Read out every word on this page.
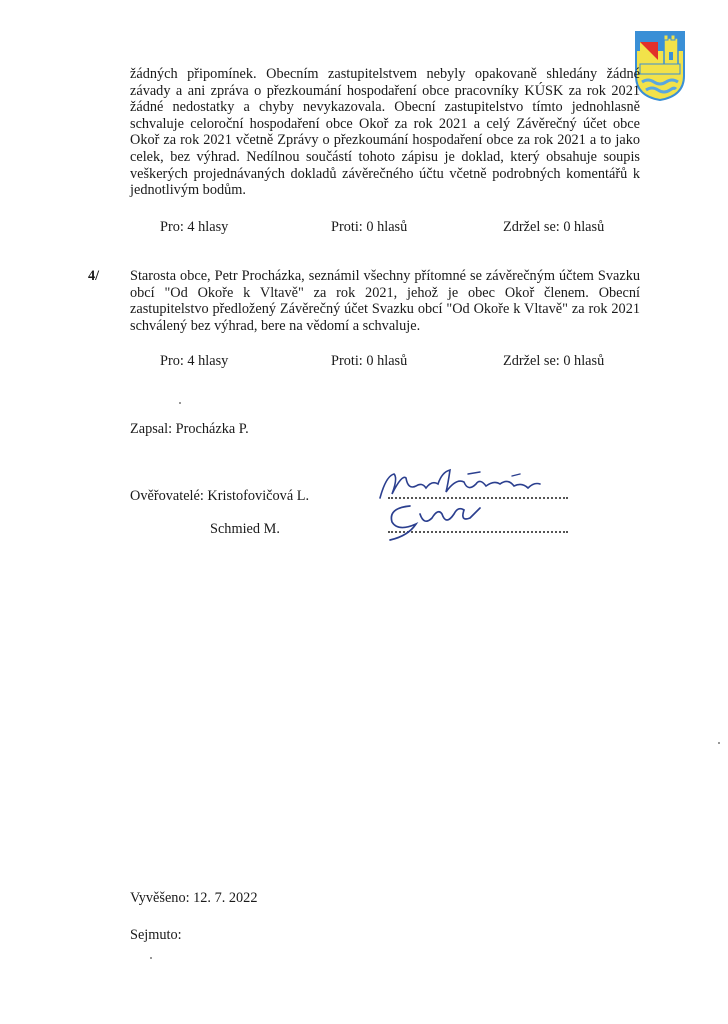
žádných připomínek. Obecním zastupitelstvem nebyly opakovaně shledány žádné závady a ani zpráva o přezkoumání hospodaření obce pracovníky KÚSK za rok 2021 žádné nedostatky a chyby nevykazovala. Obecní zastupitelstvo tímto jednohlasně schvaluje celoroční hospodaření obce Okoř za rok 2021 a celý Závěrečný účet obce Okoř za rok 2021 včetně Zprávy o přezkoumání hospodaření obce za rok 2021 a to jako celek, bez výhrad. Nedílnou součástí tohoto zápisu je doklad, který obsahuje soupis veškerých projednávaných dokladů závěrečného účtu včetně podrobných komentářů k jednotlivým bodům.

Pro: 4 hlasy	Proti: 0 hlasů	Zdržel se: 0 hlasů
4/ Starosta obce, Petr Procházka, seznámil všechny přítomné se závěrečným účtem Svazku obcí "Od Okoře k Vltavě" za rok 2021, jehož je obec Okoř členem. Obecní zastupitelstvo předložený Závěrečný účet Svazku obcí "Od Okoře k Vltavě" za rok 2021 schválený bez výhrad, bere na vědomí a schvaluje.

Pro: 4 hlasy	Proti: 0 hlasů	Zdržel se: 0 hlasů
Zapsal: Procházka P.
Ověřovatelé: Kristofovičová L.
Schmied M.
Vyvěšeno: 12. 7. 2022
Sejmuto:
